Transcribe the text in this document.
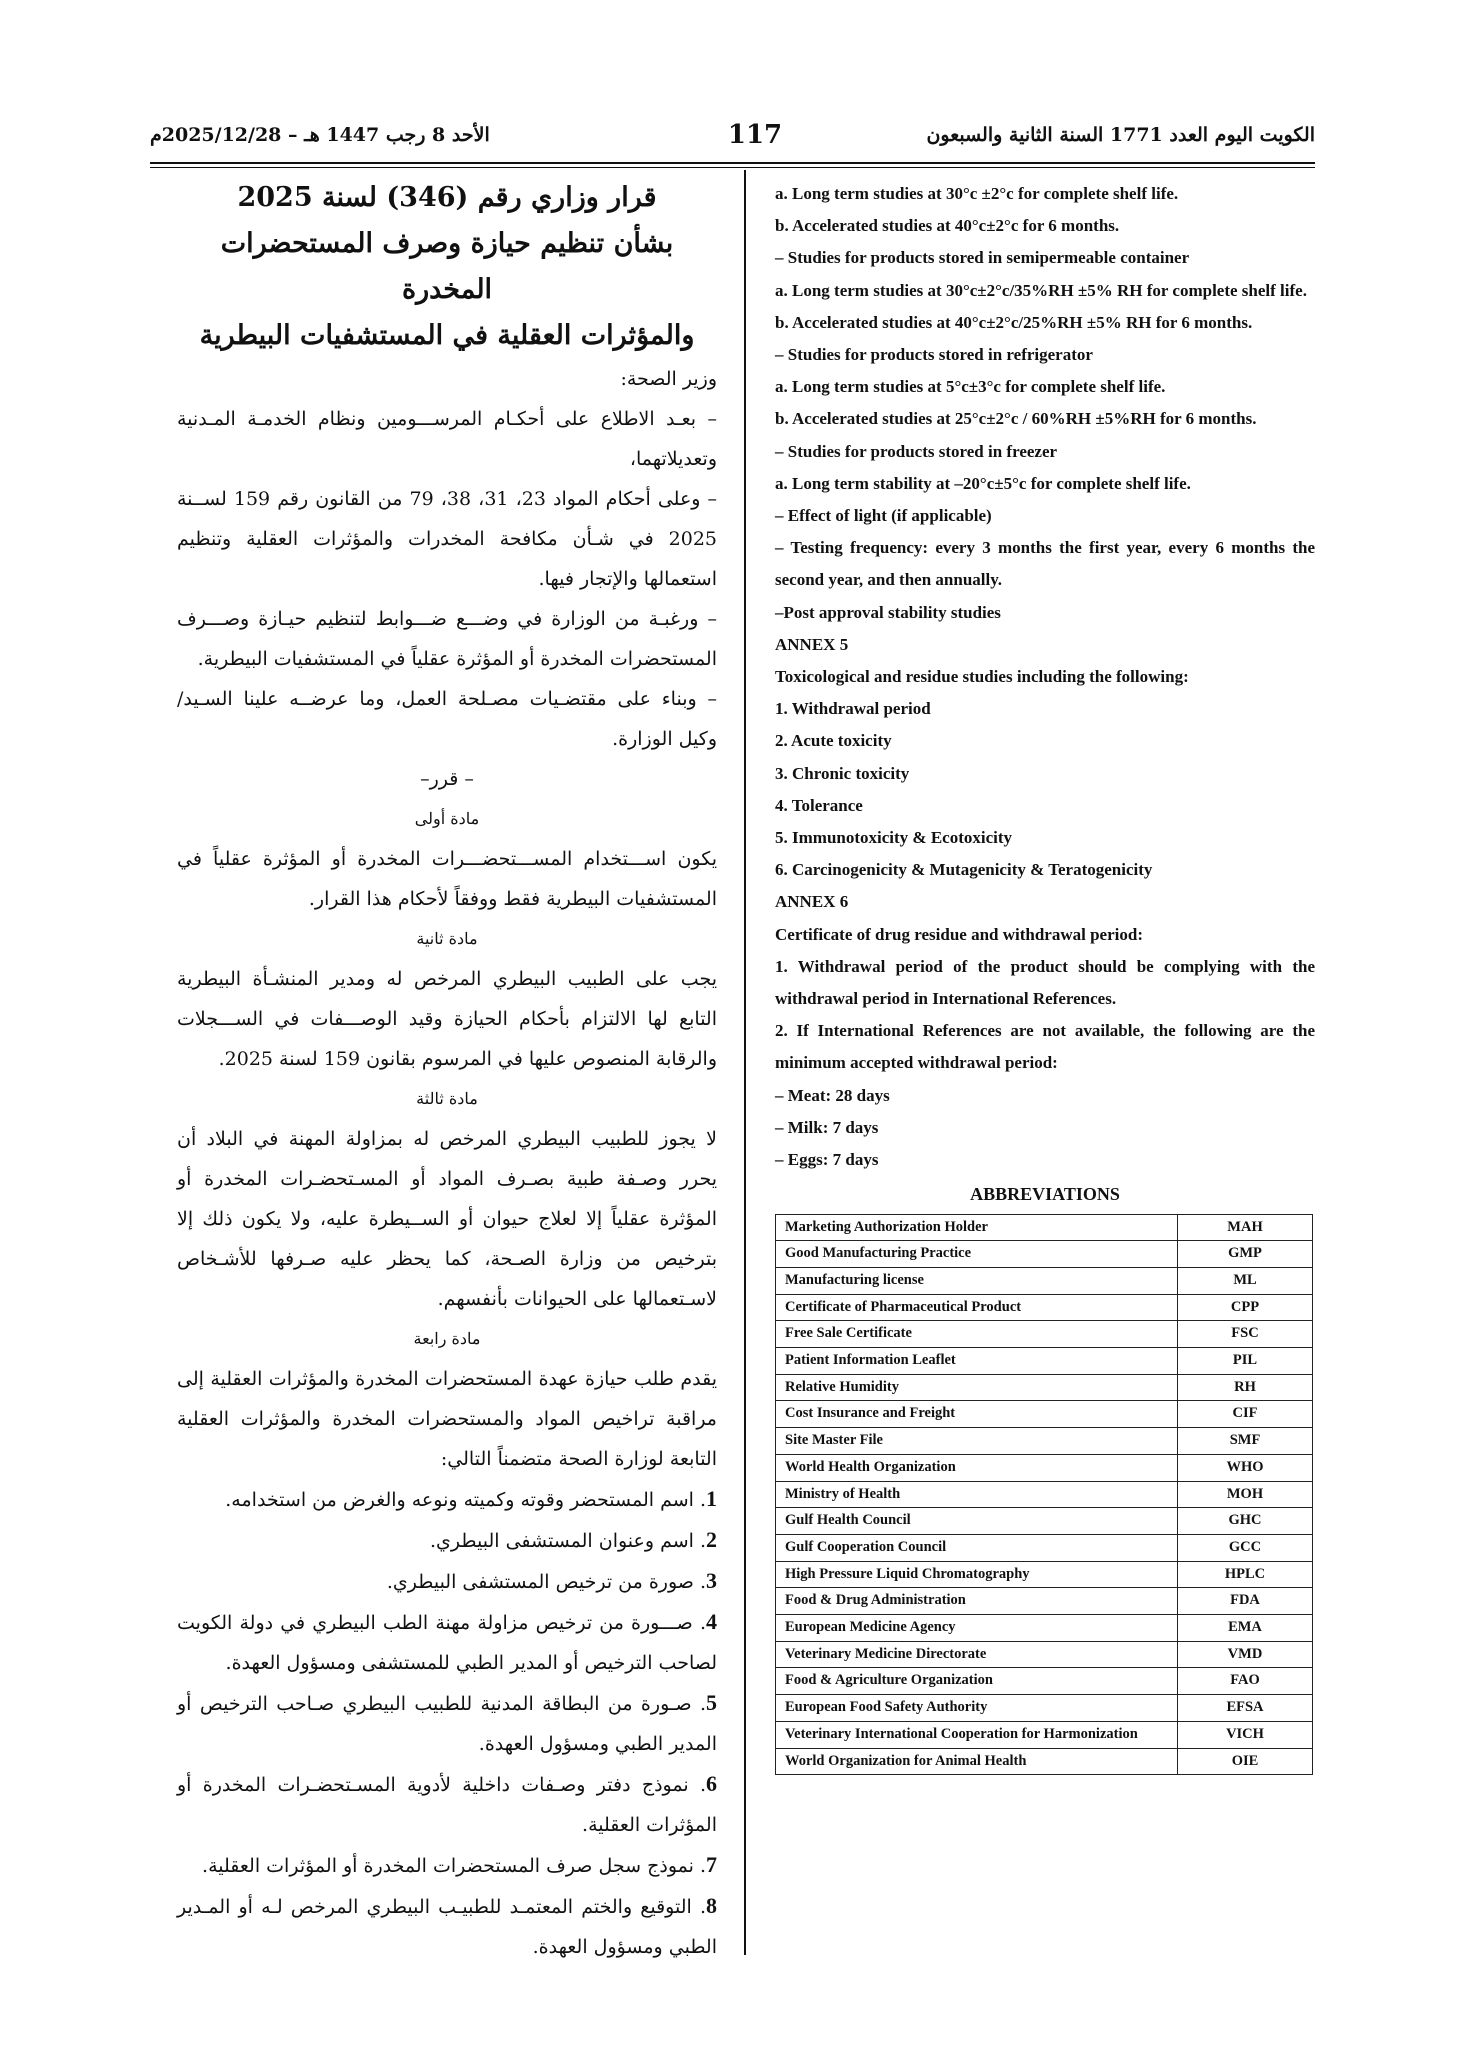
الكويت اليوم العدد 1771 السنة الثانية والسبعون
117
الأحد 8 رجب 1447 هـ – 2025/12/28م
قرار وزاري رقم (346) لسنة 2025
بشأن تنظيم حيازة وصرف المستحضرات المخدرة
والمؤثرات العقلية في المستشفيات البيطرية

وزير الصحة:

– بعـد الاطلاع على أحكـام المرســـومين ونظام الخدمـة المـدنية وتعديلاتهما،

– وعلى أحكام المواد 23، 31، 38، 79 من القانون رقم 159 لســنة 2025 في شـأن مكافحة المخدرات والمؤثرات العقلية وتنظيم استعمالها والإتجار فيها.

– ورغبـة من الوزارة في وضـــع ضـــوابط لتنظيم حيـازة وصـــرف المستحضرات المخدرة أو المؤثرة عقلياً في المستشفيات البيطرية.

– وبناء على مقتضـيات مصـلحة العمل، وما عرضــه علينا السـيد/ وكيل الوزارة.

– قرر–

مادة أولى

يكون اســـتخدام المســـتحضـــرات المخدرة أو المؤثرة عقلياً في المستشفيات البيطرية فقط ووفقاً لأحكام هذا القرار.

مادة ثانية

يجب على الطبيب البيطري المرخص له ومدير المنشـأة البيطرية التابع لها الالتزام بأحكام الحيازة وقيد الوصـــفات في الســـجلات والرقابة المنصوص عليها في المرسوم بقانون 159 لسنة 2025.

مادة ثالثة

لا يجوز للطبيب البيطري المرخص له بمزاولة المهنة في البلاد أن يحرر وصـفة طبية بصـرف المواد أو المسـتحضـرات المخدرة أو المؤثرة عقلياً إلا لعلاج حيوان أو الســيطرة عليه، ولا يكون ذلك إلا بترخيص من وزارة الصـحة، كما يحظر عليه صـرفها للأشـخاص لاسـتعمالها على الحيوانات بأنفسهم.

مادة رابعة

يقدم طلب حيازة عهدة المستحضرات المخدرة والمؤثرات العقلية إلى مراقبة تراخيص المواد والمستحضرات المخدرة والمؤثرات العقلية التابعة لوزارة الصحة متضمناً التالي:

1. اسم المستحضر وقوته وكميته ونوعه والغرض من استخدامه.
2. اسم وعنوان المستشفى البيطري.
3. صورة من ترخيص المستشفى البيطري.
4. صـــورة من ترخيص مزاولة مهنة الطب البيطري في دولة الكويت لصاحب الترخيص أو المدير الطبي للمستشفى ومسؤول العهدة.
5. صـورة من البطاقة المدنية للطبيب البيطري صـاحب الترخيص أو المدير الطبي ومسؤول العهدة.
6. نموذج دفتر وصـفات داخلية لأدوية المسـتحضـرات المخدرة أو المؤثرات العقلية.
7. نموذج سجل صرف المستحضرات المخدرة أو المؤثرات العقلية.
8. التوقيع والختم المعتمـد للطبيـب البيطري المرخص لـه أو المـدير الطبي ومسؤول العهدة.

a. Long term studies at 30°c ±2°c for complete shelf life.

b. Accelerated studies at 40°c±2°c for 6 months.

– Studies for products stored in semipermeable container

a. Long term studies at 30°c±2°c/35%RH ±5% RH for complete shelf life.

b. Accelerated studies at 40°c±2°c/25%RH ±5% RH for 6 months.

– Studies for products stored in refrigerator

a. Long term studies at 5°c±3°c for complete shelf life.

b. Accelerated studies at 25°c±2°c / 60%RH ±5%RH for 6 months.

– Studies for products stored in freezer

a. Long term stability at –20°c±5°c for complete shelf life.

– Effect of light (if applicable)

– Testing frequency: every 3 months the first year, every 6 months the second year, and then annually.

–Post approval stability studies

ANNEX 5

Toxicological and residue studies including the following:

1. Withdrawal period

2. Acute toxicity

3. Chronic toxicity

4. Tolerance

5. Immunotoxicity & Ecotoxicity

6. Carcinogenicity & Mutagenicity & Teratogenicity

ANNEX 6

Certificate of drug residue and withdrawal period:

1. Withdrawal period of the product should be complying with the withdrawal period in International References.

2. If International References are not available, the following are the minimum accepted withdrawal period:

– Meat: 28 days

– Milk: 7 days

– Eggs: 7 days

ABBREVIATIONS
Marketing Authorization Holder	MAH
Good Manufacturing Practice	GMP
Manufacturing license	ML
Certificate of Pharmaceutical Product	CPP
Free Sale Certificate	FSC
Patient Information Leaflet	PIL
Relative Humidity	RH
Cost Insurance and Freight	CIF
Site Master File	SMF
World Health Organization	WHO
Ministry of Health	MOH
Gulf Health Council	GHC
Gulf Cooperation Council	GCC
High Pressure Liquid Chromatography	HPLC
Food & Drug Administration	FDA
European Medicine Agency	EMA
Veterinary Medicine Directorate	VMD
Food & Agriculture Organization	FAO
European Food Safety Authority	EFSA
Veterinary International Cooperation for Harmonization	VICH
World Organization for Animal Health	OIE
